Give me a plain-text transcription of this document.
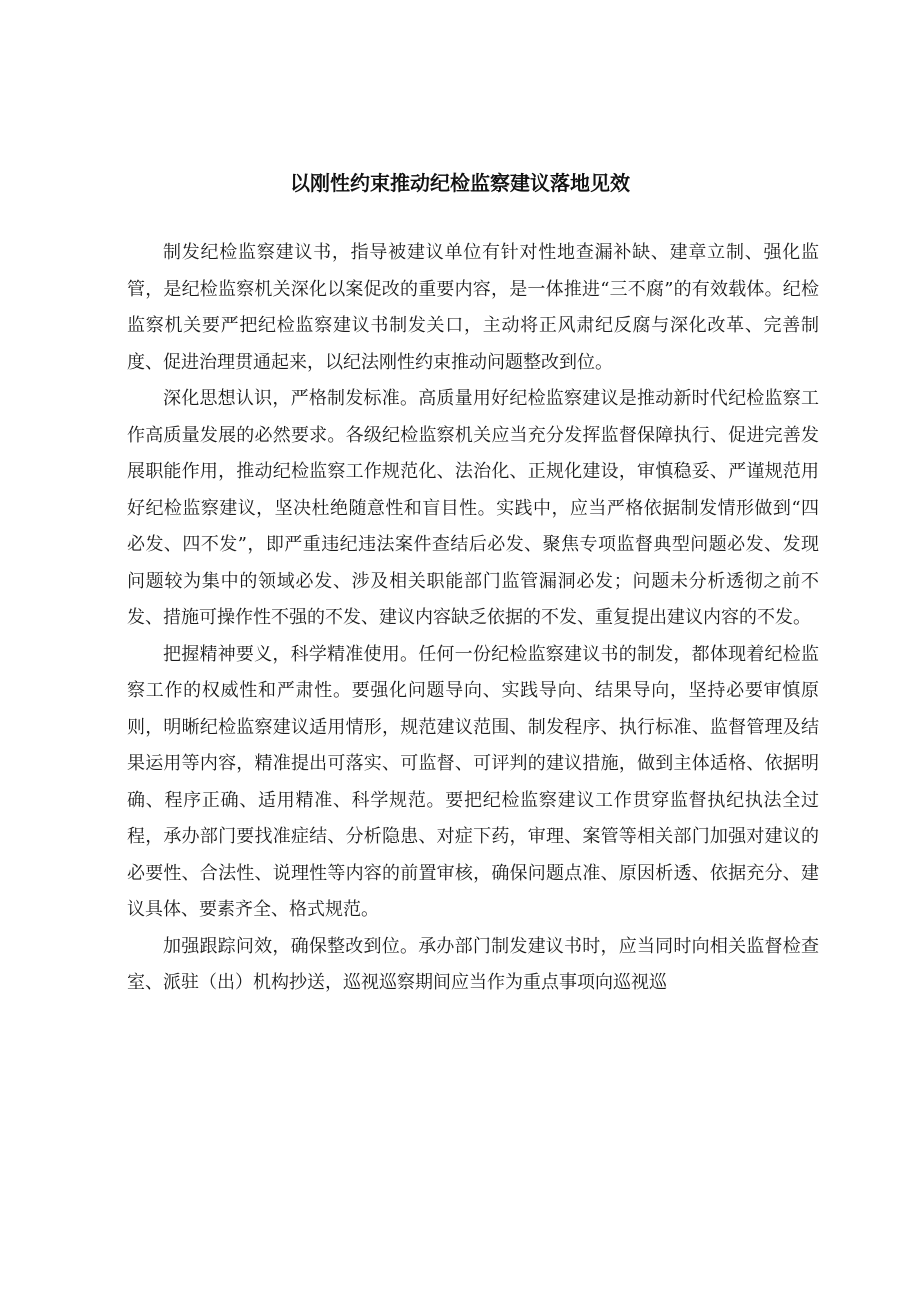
以刚性约束推动纪检监察建议落地见效

制发纪检监察建议书，指导被建议单位有针对性地查漏补缺、建章立制、强化监管，是纪检监察机关深化以案促改的重要内容，是一体推进“三不腐”的有效载体。纪检监察机关要严把纪检监察建议书制发关口，主动将正风肃纪反腐与深化改革、完善制度、促进治理贯通起来，以纪法刚性约束推动问题整改到位。

深化思想认识，严格制发标准。高质量用好纪检监察建议是推动新时代纪检监察工作高质量发展的必然要求。各级纪检监察机关应当充分发挥监督保障执行、促进完善发展职能作用，推动纪检监察工作规范化、法治化、正规化建设，审慎稳妥、严谨规范用好纪检监察建议，坚决杜绝随意性和盲目性。实践中，应当严格依据制发情形做到“四必发、四不发”，即严重违纪违法案件查结后必发、聚焦专项监督典型问题必发、发现问题较为集中的领域必发、涉及相关职能部门监管漏洞必发；问题未分析透彻之前不发、措施可操作性不强的不发、建议内容缺乏依据的不发、重复提出建议内容的不发。

把握精神要义，科学精准使用。任何一份纪检监察建议书的制发，都体现着纪检监察工作的权威性和严肃性。要强化问题导向、实践导向、结果导向，坚持必要审慎原则，明晰纪检监察建议适用情形，规范建议范围、制发程序、执行标准、监督管理及结果运用等内容，精准提出可落实、可监督、可评判的建议措施，做到主体适格、依据明确、程序正确、适用精准、科学规范。要把纪检监察建议工作贯穿监督执纪执法全过程，承办部门要找准症结、分析隐患、对症下药，审理、案管等相关部门加强对建议的必要性、合法性、说理性等内容的前置审核，确保问题点准、原因析透、依据充分、建议具体、要素齐全、格式规范。

加强跟踪问效，确保整改到位。承办部门制发建议书时，应当同时向相关监督检查室、派驻（出）机构抄送，巡视巡察期间应当作为重点事项向巡视巡
